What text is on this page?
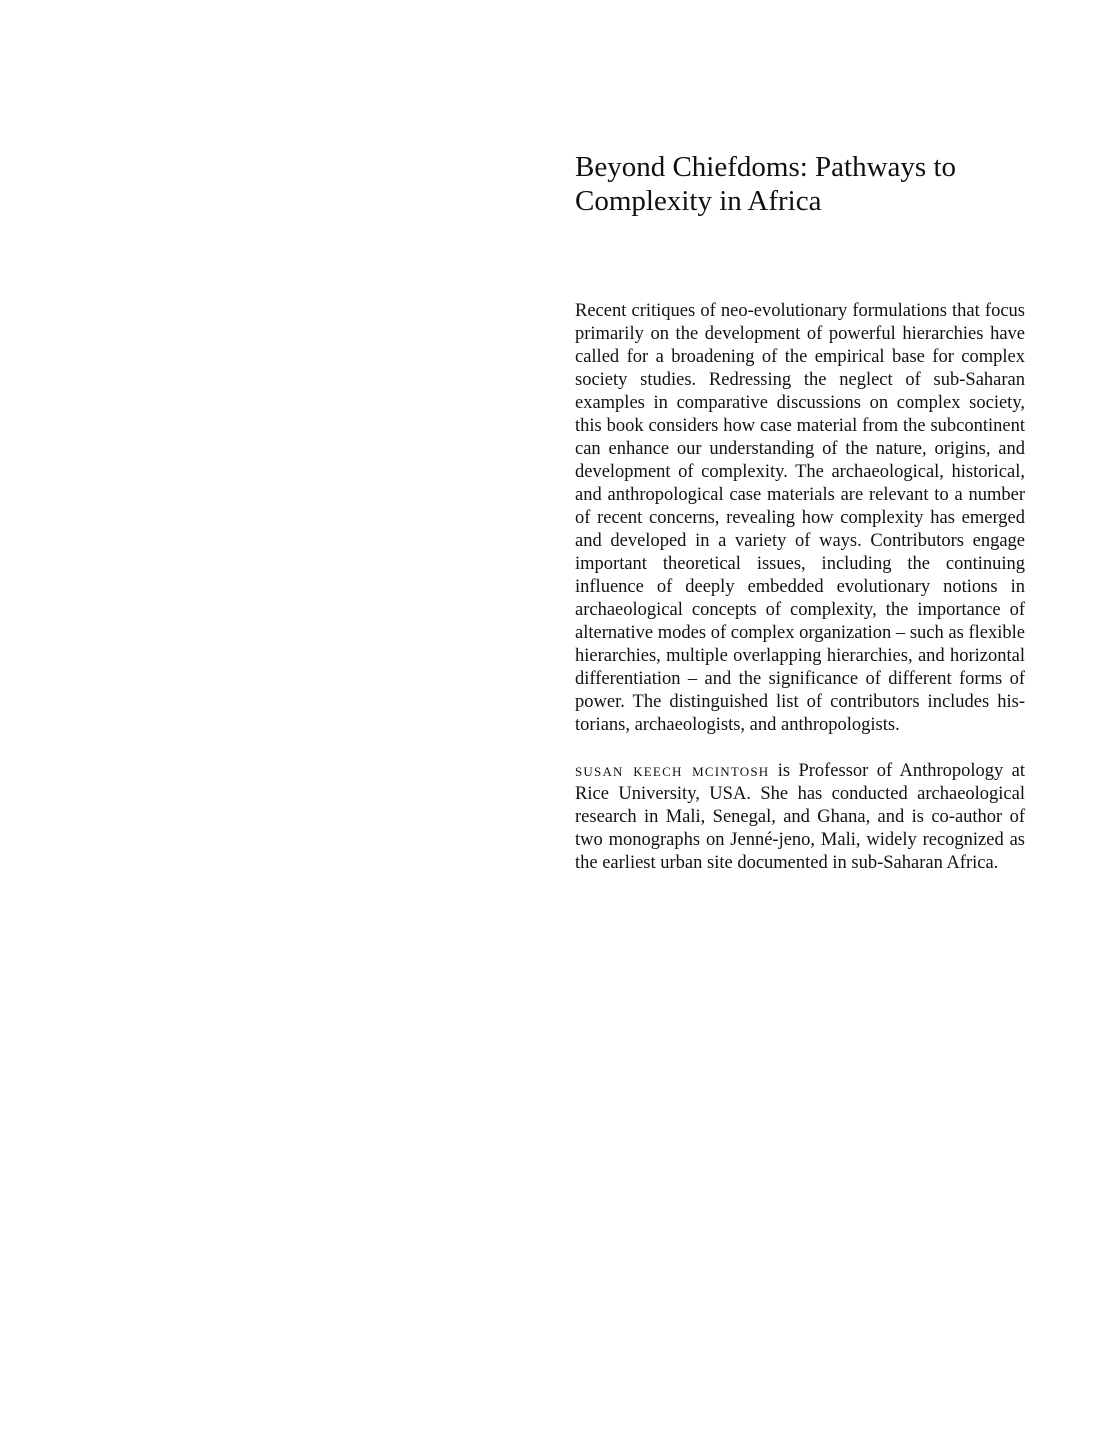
Beyond Chiefdoms: Pathways to
Complexity in Africa

Recent critiques of neo-evolutionary formulations that focus primarily on the development of powerful hierarchies have called for a broadening of the empirical base for complex society studies. Redressing the neglect of sub-Saharan examples in comparative discussions on complex society, this book considers how case material from the subcontinent can enhance our understanding of the nature, origins, and development of complexity. The archaeological, historical, and anthropological case materials are relevant to a number of recent concerns, revealing how complexity has emerged and developed in a variety of ways. Contributors engage important theoretical issues, including the continuing influence of deeply embedded evolutionary notions in archaeological concepts of complexity, the importance of alternative modes of complex organization – such as flexible hierarchies, multiple overlapping hierarchies, and horizontal differentiation – and the significance of different forms of power. The distinguished list of contributors includes historians, archaeologists, and anthropologists.

susan keech mcintosh is Professor of Anthropology at Rice University, USA. She has conducted archaeological research in Mali, Senegal, and Ghana, and is co-author of two monographs on Jenné-jeno, Mali, widely recognized as the earliest urban site documented in sub-Saharan Africa.
